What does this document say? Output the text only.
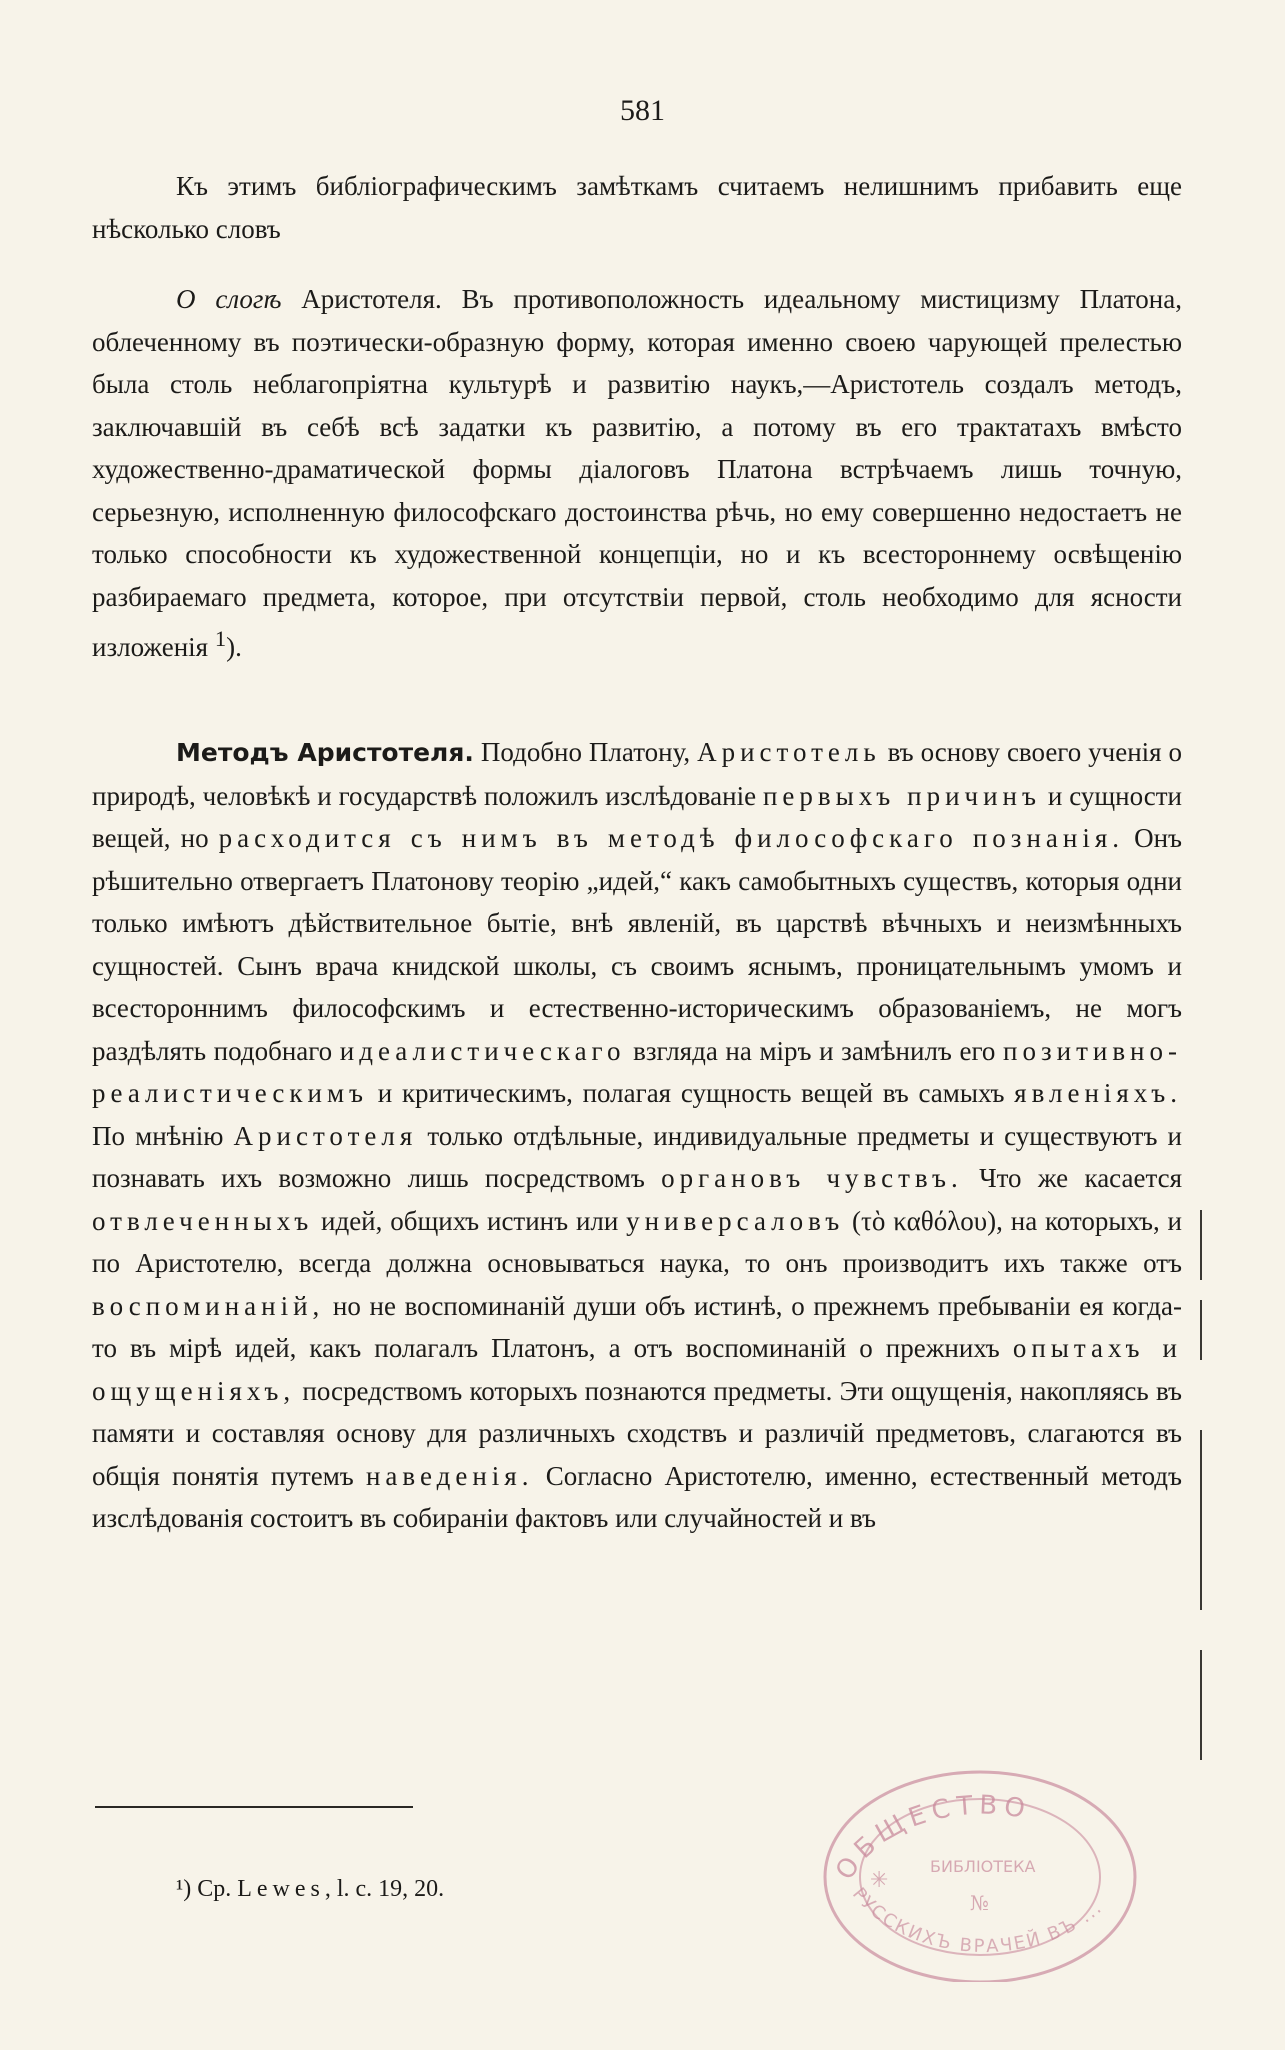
581

Къ этимъ библіографическимъ замѣткамъ считаемъ нелишнимъ прибавить еще нѣсколько словъ

О слогѣ Аристотеля. Въ противоположность идеальному мистицизму Платона, облеченному въ поэтически-образную форму, которая именно своею чарующей прелестью была столь неблагопріятна культурѣ и развитію наукъ,—Аристотель создалъ методъ, заключавшій въ себѣ всѣ задатки къ развитію, а потому въ его трактатахъ вмѣсто художественно-драматической формы діалоговъ Платона встрѣчаемъ лишь точную, серьезную, исполненную философскаго достоинства рѣчь, но ему совершенно недостаетъ не только способности къ художественной концепціи, но и къ всестороннему освѣщенію разбираемаго предмета, которое, при отсутствіи первой, столь необходимо для ясности изложенія $^1$).

Методъ Аристотеля. Подобно Платону, Аристотель въ основу своего ученія о природѣ, человѣкѣ и государствѣ положилъ изслѣдованіе первыхъ причинъ и сущности вещей, но расходится съ нимъ въ методѣ философскаго познанія. Онъ рѣшительно отвергаетъ Платонову теорію „идей,“ какъ самобытныхъ существъ, которыя одни только имѣютъ дѣйствительное бытіе, внѣ явленій, въ царствѣ вѣчныхъ и неизмѣнныхъ сущностей. Сынъ врача книдской школы, съ своимъ яснымъ, проницательнымъ умомъ и всестороннимъ философскимъ и естественно-историческимъ образованіемъ, не могъ раздѣлять подобнаго идеалистическаго взгляда на міръ и замѣнилъ его позитивно-реалистическимъ и критическимъ, полагая сущность вещей въ самыхъ явленіяхъ. По мнѣнію Аристотеля только отдѣльные, индивидуальные предметы и существуютъ и познавать ихъ возможно лишь посредствомъ органовъ чувствъ. Что же касается отвлеченныхъ идей, общихъ истинъ или универсаловъ (τὸ καθόλου), на которыхъ, и по Аристотелю, всегда должна основываться наука, то онъ производитъ ихъ также отъ воспоминаній, но не воспоминаній души объ истинѣ, о прежнемъ пребываніи ея когда-то въ мірѣ идей, какъ полагалъ Платонъ, а отъ воспоминаній о прежнихъ опытахъ и ощущеніяхъ, посредствомъ которыхъ познаются предметы. Эти ощущенія, накопляясь въ памяти и составляя основу для различныхъ сходствъ и различій предметовъ, слагаются въ общія понятія путемъ наведенія. Согласно Аристотелю, именно, естественный методъ изслѣдованія состоитъ въ собираніи фактовъ или случайностей и въ

¹) Ср. Lewes, l. c. 19, 20.
ОБЩЕСТВО
БИБЛІОТЕКА
№
РУССКИХЪ ВРАЧЕЙ ВЪ ...
✳
